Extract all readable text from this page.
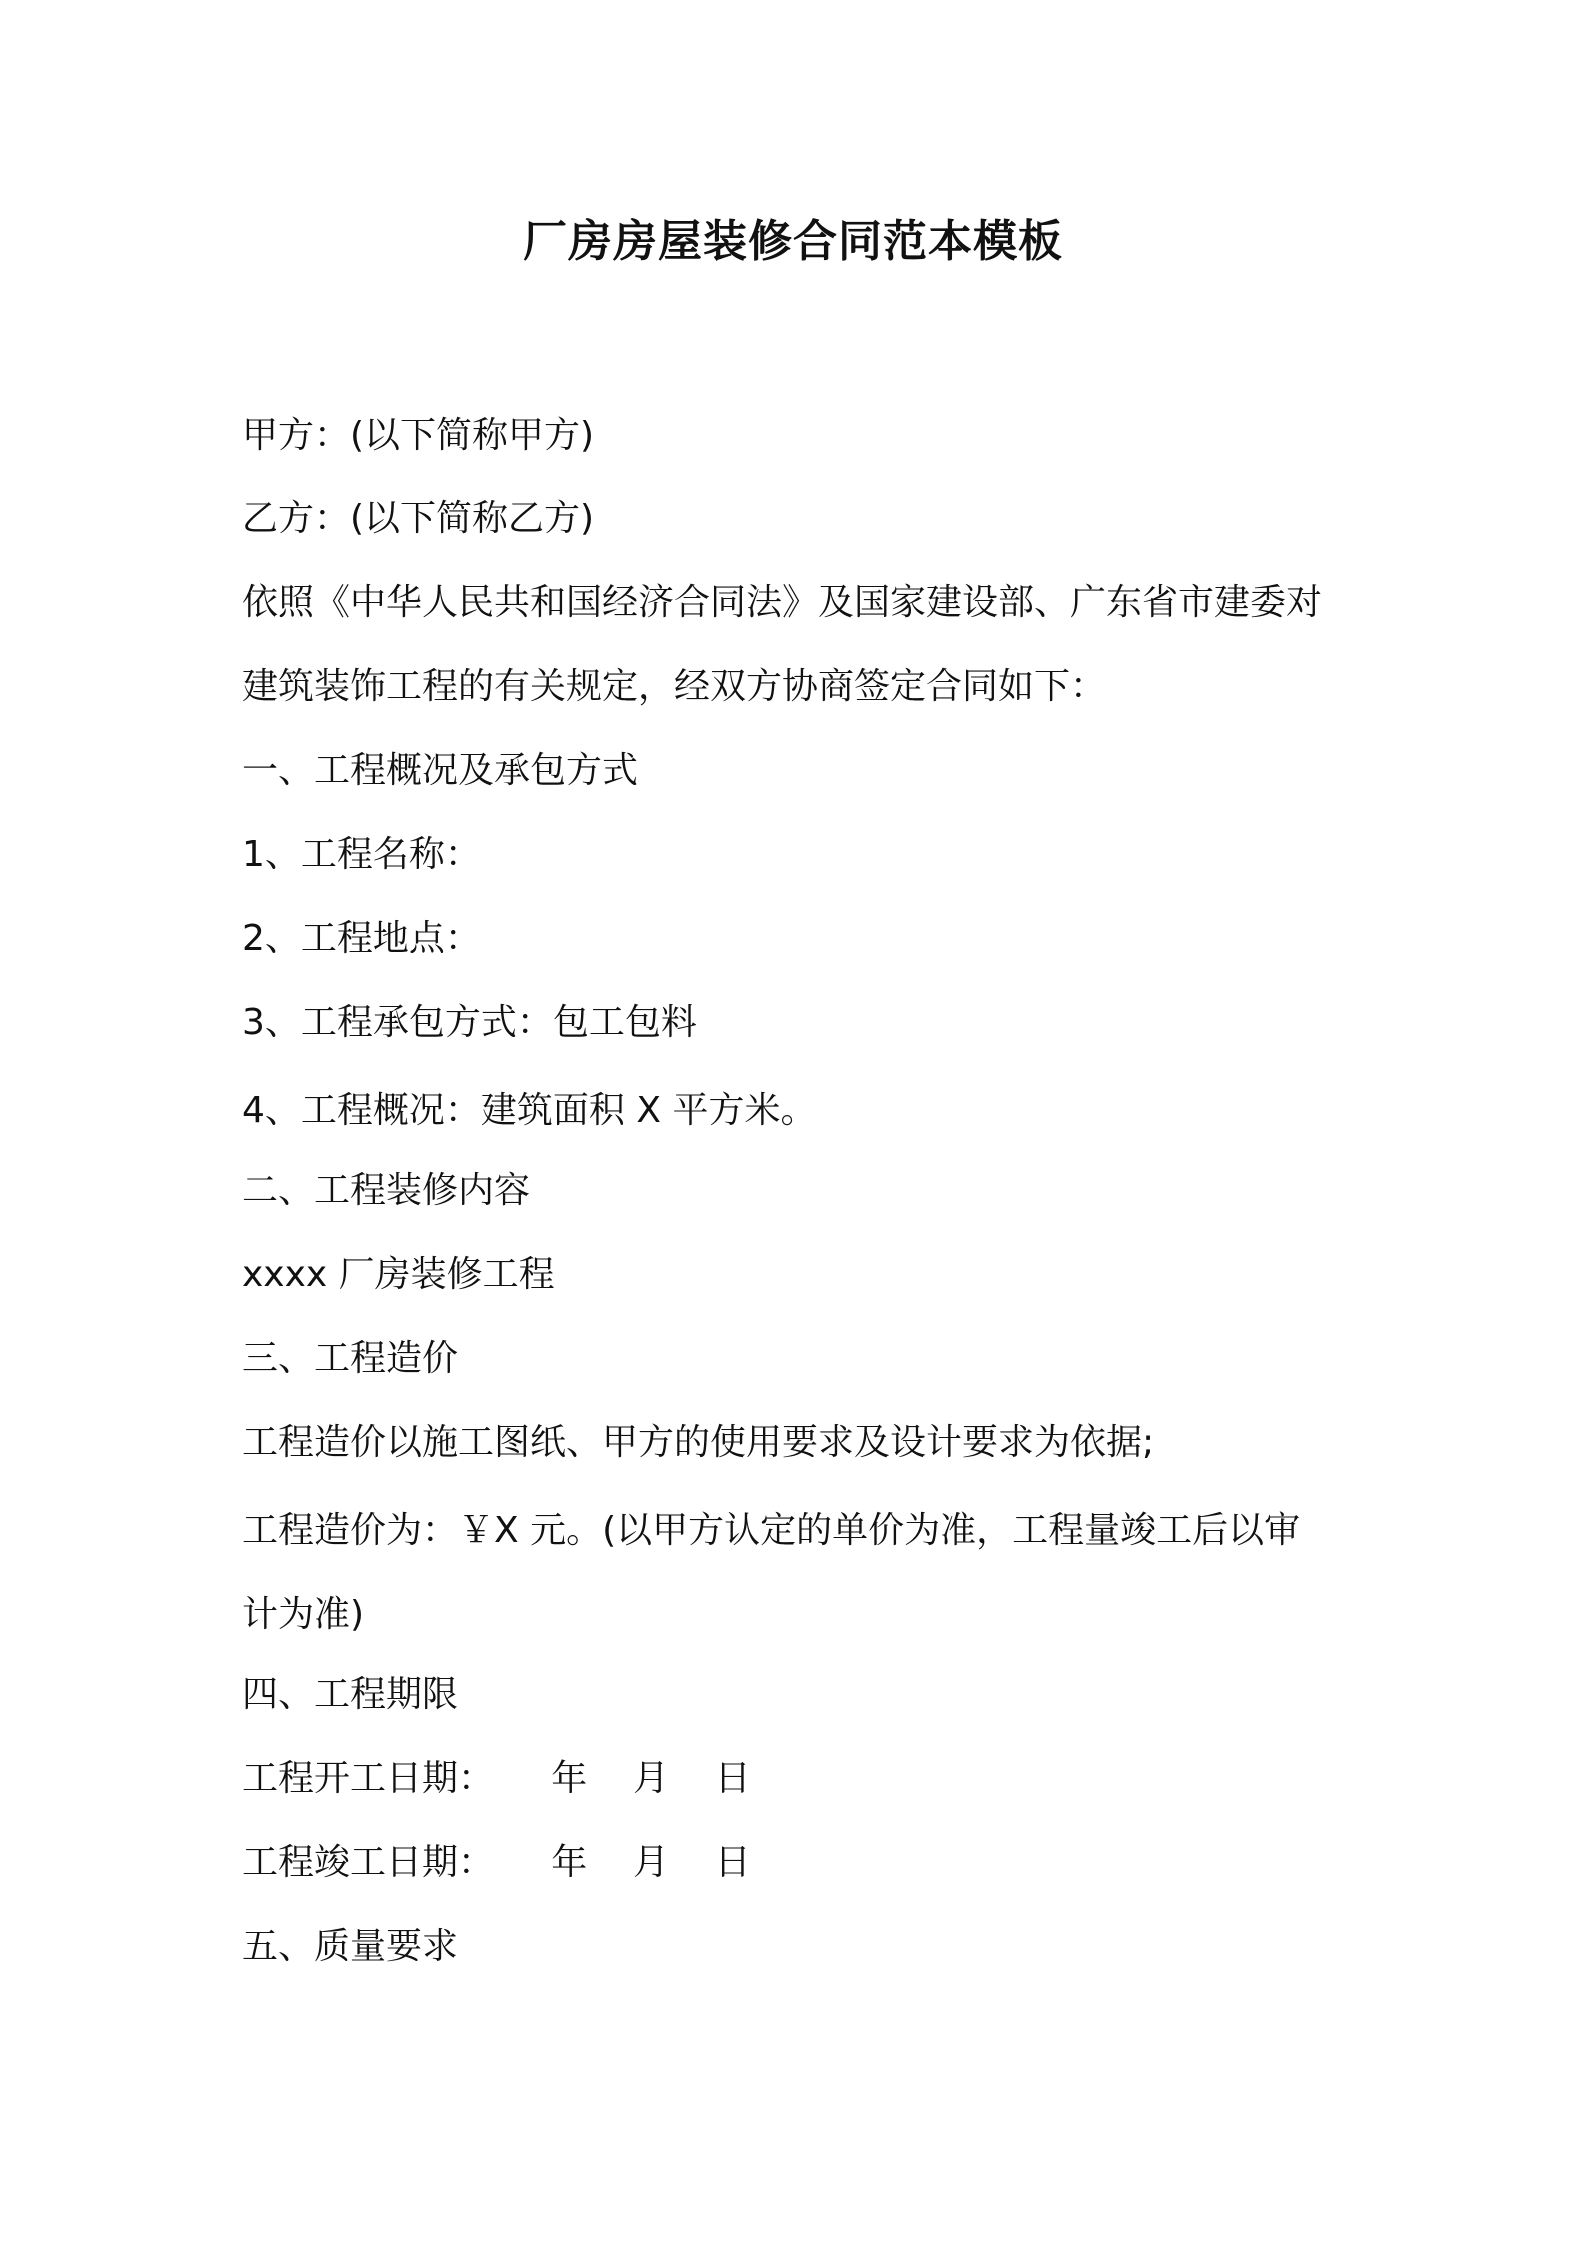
厂房房屋装修合同范本模板
甲方：(以下简称甲方)
乙方：(以下简称乙方)
依照《中华人民共和国经济合同法》及国家建设部、广东省市建委对
建筑装饰工程的有关规定，经双方协商签定合同如下：
一、工程概况及承包方式
1、工程名称：
2、工程地点：
3、工程承包方式：包工包料
4、工程概况：建筑面积 X 平方米。
二、工程装修内容
xxxx 厂房装修工程
三、工程造价
工程造价以施工图纸、甲方的使用要求及设计要求为依据;
工程造价为：￥X 元。(以甲方认定的单价为准，工程量竣工后以审
计为准)
四、工程期限
工程开工日期：     年    月    日
工程竣工日期：     年    月    日
五、质量要求
